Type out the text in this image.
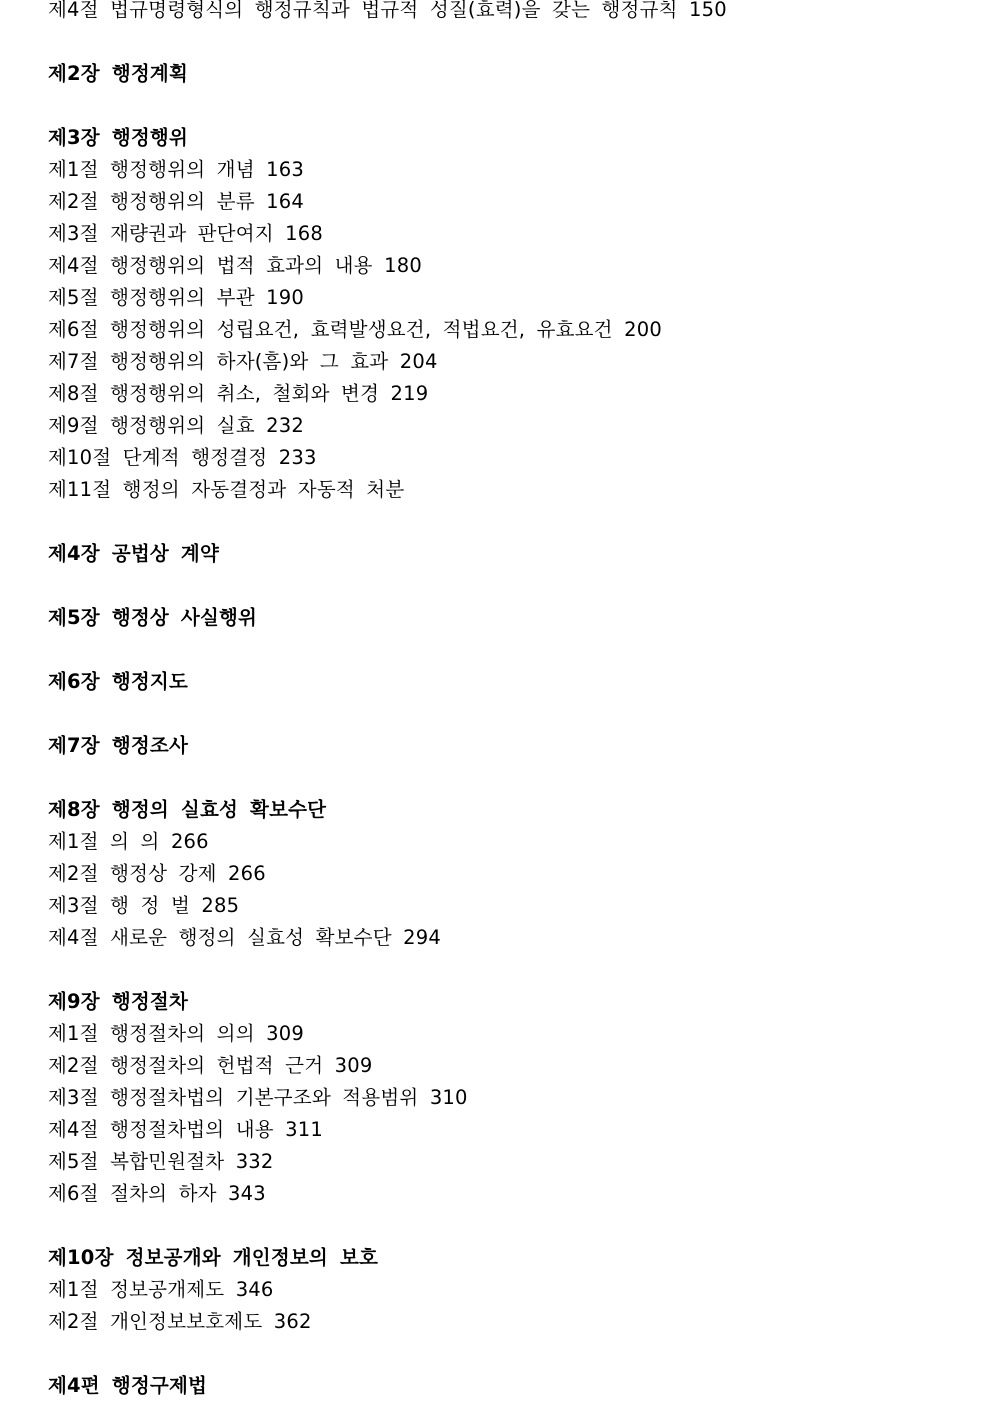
제4절 법규명령형식의 행정규칙과 법규적 성질(효력)을 갖는 행정규칙 150
제2장 행정계획
제3장 행정행위
제1절 행정행위의 개념 163
제2절 행정행위의 분류 164
제3절 재량권과 판단여지 168
제4절 행정행위의 법적 효과의 내용 180
제5절 행정행위의 부관 190
제6절 행정행위의 성립요건, 효력발생요건, 적법요건, 유효요건 200
제7절 행정행위의 하자(흠)와 그 효과 204
제8절 행정행위의 취소, 철회와 변경 219
제9절 행정행위의 실효 232
제10절 단계적 행정결정 233
제11절 행정의 자동결정과 자동적 처분
제4장 공법상 계약
제5장 행정상 사실행위
제6장 행정지도
제7장 행정조사
제8장 행정의 실효성 확보수단
제1절 의 의 266
제2절 행정상 강제 266
제3절 행 정 벌 285
제4절 새로운 행정의 실효성 확보수단 294
제9장 행정절차
제1절 행정절차의 의의 309
제2절 행정절차의 헌법적 근거 309
제3절 행정절차법의 기본구조와 적용범위 310
제4절 행정절차법의 내용 311
제5절 복합민원절차 332
제6절 절차의 하자 343
제10장 정보공개와 개인정보의 보호
제1절 정보공개제도 346
제2절 개인정보보호제도 362
제4편 행정구제법
